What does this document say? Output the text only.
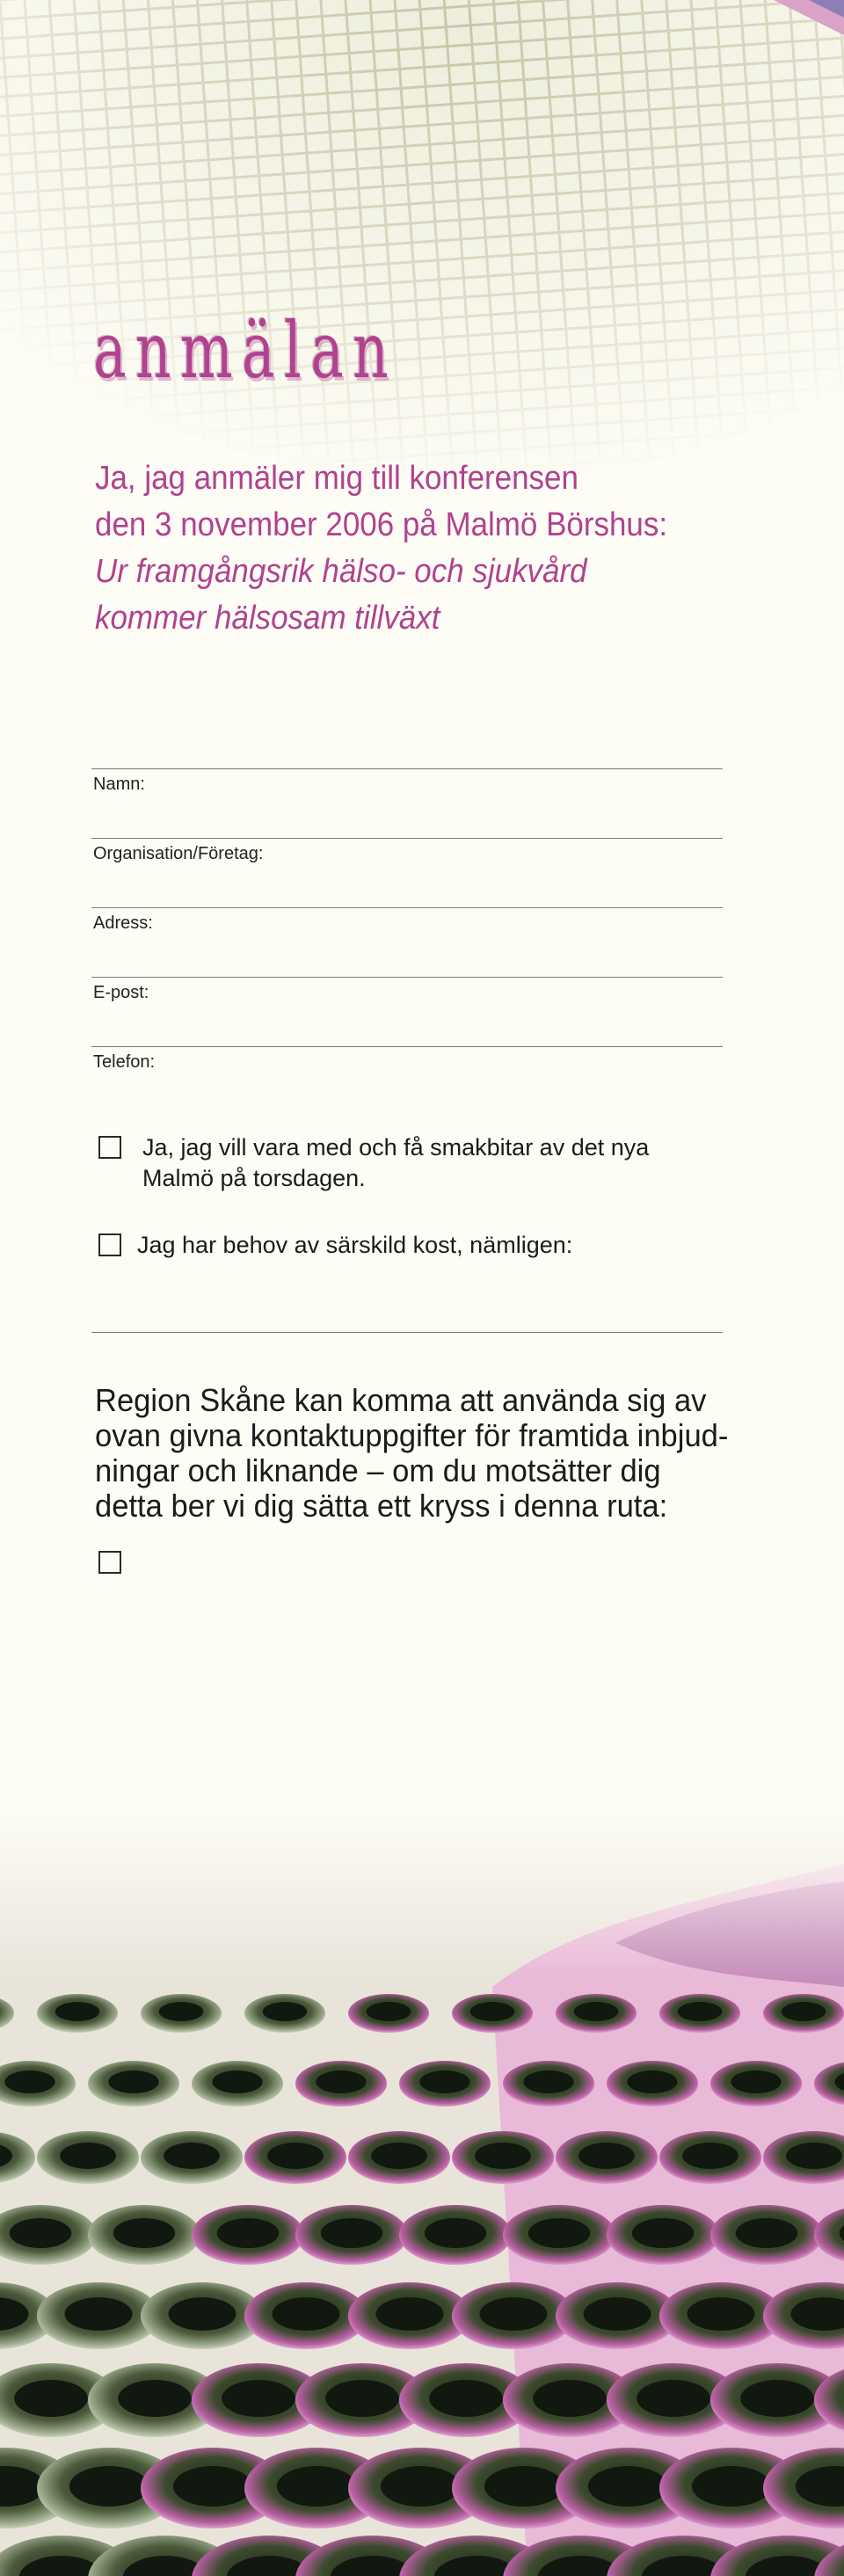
anmälan
Ja, jag anmäler mig till konferensen
den 3 november 2006 på Malmö Börshus:
Ur framgångsrik hälso- och sjukvård
kommer hälsosam tillväxt
Namn:
Organisation/Företag:
Adress:
E-post:
Telefon:
Ja, jag vill vara med och få smakbitar av det nya
Malmö på torsdagen.
Jag har behov av särskild kost, nämligen:
Region Skåne kan komma att använda sig av
ovan givna kontaktuppgifter för framtida inbjud-
ningar och liknande – om du motsätter dig
detta ber vi dig sätta ett kryss i denna ruta:
